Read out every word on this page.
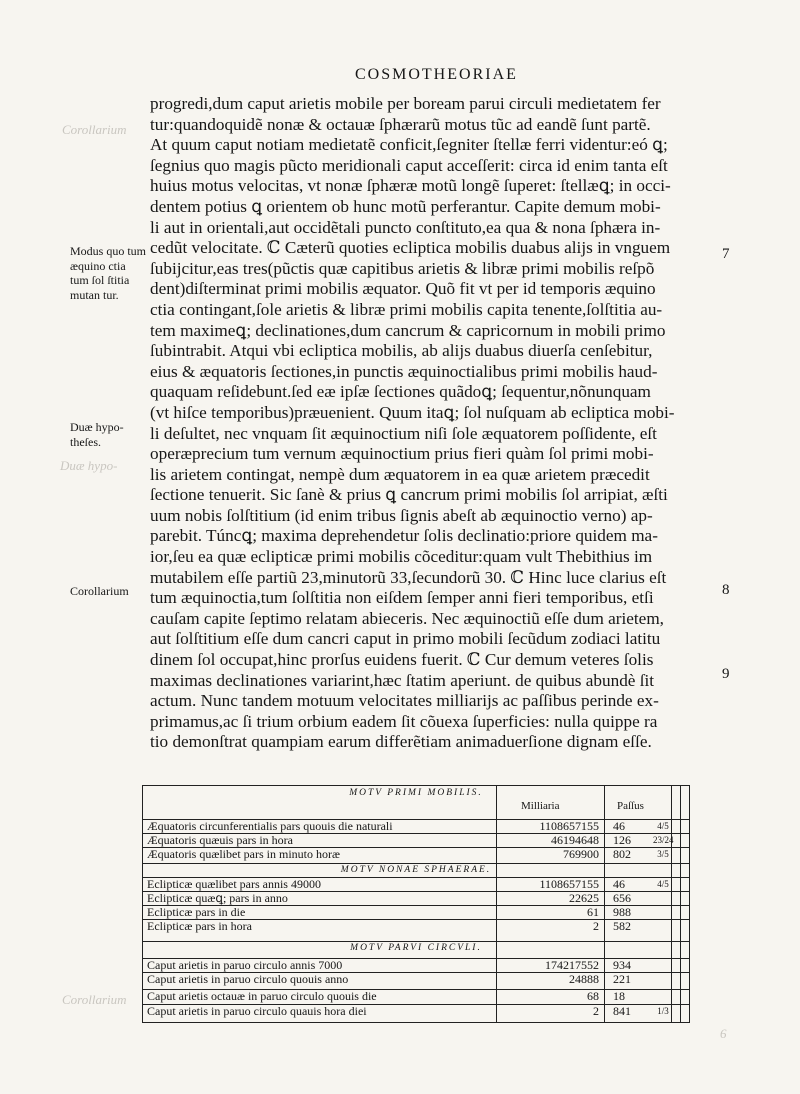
Corollarium
Duæ hypo-
Corollarium
6
COSMOTHEORIAE
progredi,dum caput arietis mobile per boream parui circuli medietatem fer
tur:quandoquidẽ nonæ & octauæ ſphærarũ motus tũc ad eandẽ ſunt partẽ.
At quum caput notiam medietatẽ conficit,ſegniter ſtellæ ferri videntur:eó ꝗ;
ſegnius quo magis pũcto meridionali caput acceſſerit: circa id enim tanta eſt
huius motus velocitas, vt nonæ ſphæræ motũ longẽ ſuperet: ſtellæꝗ; in occi-
dentem potius ꝗ orientem ob hunc motũ perferantur. Capite demum mobi-
li aut in orientali,aut occidẽtali puncto conſtituto,ea qua & nona ſphæra in-
cedũt velocitate. ℂ Cæterũ quoties ecliptica mobilis duabus aliјs in vnguem
ſubijcitur,eas tres(pũctis quæ capitibus arietis & libræ primi mobilis reſpõ
dent)diſterminat primi mobilis æquator. Quõ fit vt per id temporis æquino
ctia contingant,ſole arietis & libræ primi mobilis capita tenente,ſolſtitia au-
tem maximeꝗ; declinationes,dum cancrum & capricornum in mobili primo
ſubintrabit. Atqui vbi ecliptica mobilis, ab alijs duabus diuerſa cenſebitur,
eius & æquatoris ſectiones,in punctis æquinoctialibus primi mobilis haud-
quaquam reſidebunt.ſed eæ ipſæ ſectiones quãdoꝗ; ſequentur,nõnunquam
(vt hiſce temporibus)præuenient. Quum itaꝗ; ſol nuſquam ab ecliptica mobi-
li deſultet, nec vnquam ſit æquinoctium niſi ſole æquatorem poſſidente, eſt
operæprecium tum vernum æquinoctium prius fieri quàm ſol primi mobi-
lis arietem contingat, nempè dum æquatorem in ea quæ arietem præcedit
ſectione tenuerit. Sic ſanè & prius ꝗ cancrum primi mobilis ſol arripiat, æſti
uum nobis ſolſtitium (id enim tribus ſignis abeſt ab æquinoctio verno) ap-
parebit. Túncꝗ; maxima deprehendetur ſolis declinatio:priore quidem ma-
ior,ſeu ea quæ eclipticæ primi mobilis cõceditur:quam vult Thebithius im
mutabilem eſſe partiũ 23,minutorũ 33,ſecundorũ 30. ℂ Hinc luce clarius eſt
tum æquinoctia,tum ſolſtitia non eiſdem ſemper anni fieri temporibus, etſi
cauſam capite ſeptimo relatam abieceris. Nec æquinoctiũ eſſe dum arietem,
aut ſolſtitium eſſe dum cancri caput in primo mobili ſecũdum zodiaci latitu
dinem ſol occupat,hinc prorſus euidens fuerit. ℂ Cur demum veteres ſolis
maximas declinationes variarint,hæc ſtatim aperiunt. de quibus abundè ſit
actum. Nunc tandem motuum velocitates milliarijs ac paſſibus perinde ex-
primamus,ac ſi trium orbium eadem ſit cõuexa ſuperficies: nulla quippe ra
tio demonſtrat quampiam earum differẽtiam animaduerſione dignam eſſe.
Modus quo tum æquino ctia tum ſol ſtitia mutan tur.
Duæ hypo- theſes.
Corollarium
7
8
9
MOTV PRIMI MOBILIS.
Milliaria	Paſſus
Æquatoris circunferentialis pars quouis die naturali	1108657155 46	4/5
Æquatoris quæuis pars in hora	46194648 126	23/24
Æquatoris quælibet pars in minuto horæ	769900 802	3/5
MOTV NONAE SPHAERAE.
Eclipticæ quælibet pars annis 49000	1108657155 46	4/5
Eclipticæ quæꝗ; pars in anno	22625 656
Eclipticæ pars in die	61 988
Eclipticæ pars in hora	2 582
MOTV PARVI CIRCVLI.
Caput arietis in paruo circulo annis 7000	174217552 934
Caput arietis in paruo circulo quouis anno	24888 221
Caput arietis octauæ in paruo circulo quouis die	68 18
Caput arietis in paruo circulo quauis hora diei	2 841	1/3
